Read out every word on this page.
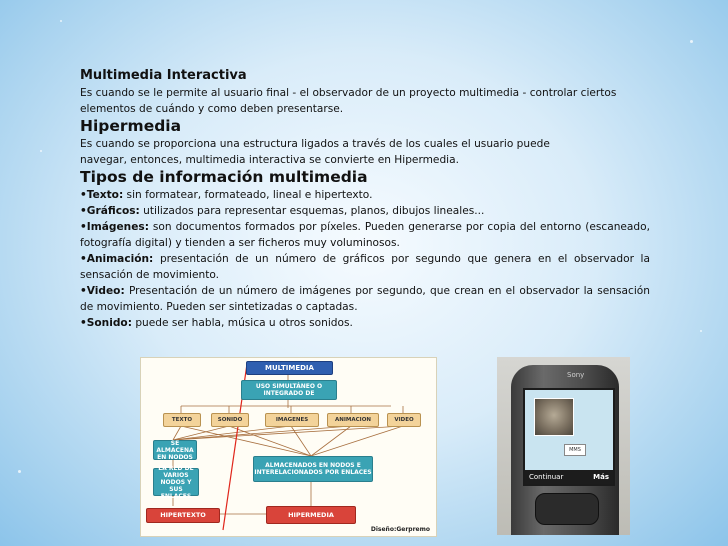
Multimedia Interactiva
Es cuando se le permite al usuario final - el observador de un proyecto multimedia - controlar ciertos elementos de cuándo y como deben presentarse.
Hipermedia
Es cuando se proporciona una estructura ligados a través de los cuales el usuario puede
navegar, entonces, multimedia interactiva se convierte en Hipermedia.
Tipos de información multimedia
•Texto: sin formatear, formateado, lineal e hipertexto.
•Gráficos: utilizados para representar esquemas, planos, dibujos lineales...
•Imágenes: son documentos formados por píxeles. Pueden generarse por copia del entorno (escaneado, fotografía digital) y tienden a ser ficheros muy voluminosos.
•Animación: presentación de un número de gráficos por segundo que genera en el observador la sensación de movimiento.
•Video: Presentación de un número de imágenes por segundo, que crean en el observador la sensación de movimiento. Pueden ser sintetizadas o captadas.
•Sonido: puede ser habla, música u otros sonidos.
MULTIMEDIA
USO SIMULTÁNEO O INTEGRADO DE
TEXTO	SONIDO	IMAGENES	ANIMACION	VIDEO
SE ALMACENA EN NODOS
LA RED DE VARIOS NODOS Y SUS ENLACES
ALMACENADOS EN NODOS E INTERELACIONADOS POR ENLACES
HIPERTEXTO	HIPERMEDIA
Diseño:Gerpremo
Sony
MMS
Continuar	Más
